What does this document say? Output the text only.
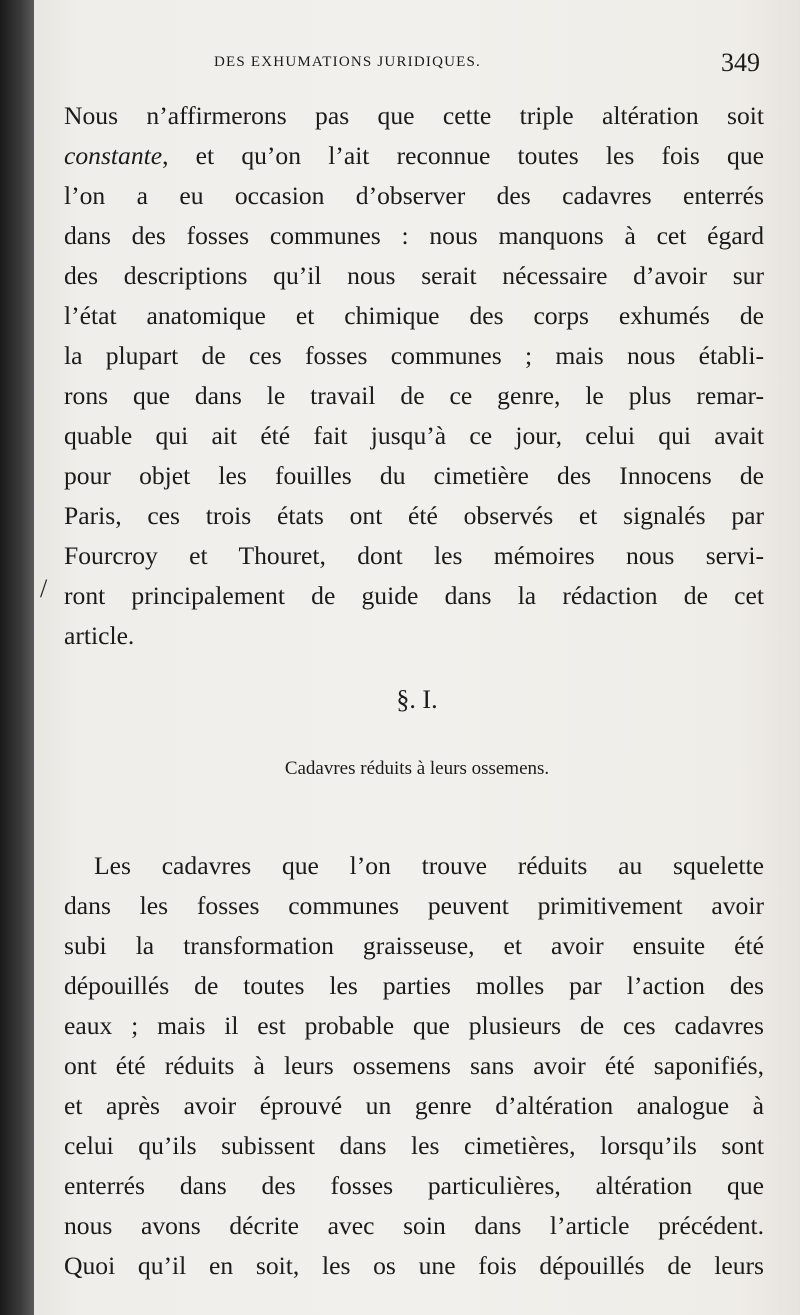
DES EXHUMATIONS JURIDIQUES.	349
Nous n’affirmerons pas que cette triple altération soit
constante, et qu’on l’ait reconnue toutes les fois que
l’on a eu occasion d’observer des cadavres enterrés
dans des fosses communes : nous manquons à cet égard
des descriptions qu’il nous serait nécessaire d’avoir sur
l’état anatomique et chimique des corps exhumés de
la plupart de ces fosses communes ; mais nous établi-
rons que dans le travail de ce genre, le plus remar-
quable qui ait été fait jusqu’à ce jour, celui qui avait
pour objet les fouilles du cimetière des Innocens de
Paris, ces trois états ont été observés et signalés par
Fourcroy et Thouret, dont les mémoires nous servi-
ront principalement de guide dans la rédaction de cet
article.
/
§. I.
Cadavres réduits à leurs ossemens.
Les cadavres que l’on trouve réduits au squelette
dans les fosses communes peuvent primitivement avoir
subi la transformation graisseuse, et avoir ensuite été
dépouillés de toutes les parties molles par l’action des
eaux ; mais il est probable que plusieurs de ces cadavres
ont été réduits à leurs ossemens sans avoir été saponifiés,
et après avoir éprouvé un genre d’altération analogue à
celui qu’ils subissent dans les cimetières, lorsqu’ils sont
enterrés dans des fosses particulières, altération que
nous avons décrite avec soin dans l’article précédent.
Quoi qu’il en soit, les os une fois dépouillés de leurs
